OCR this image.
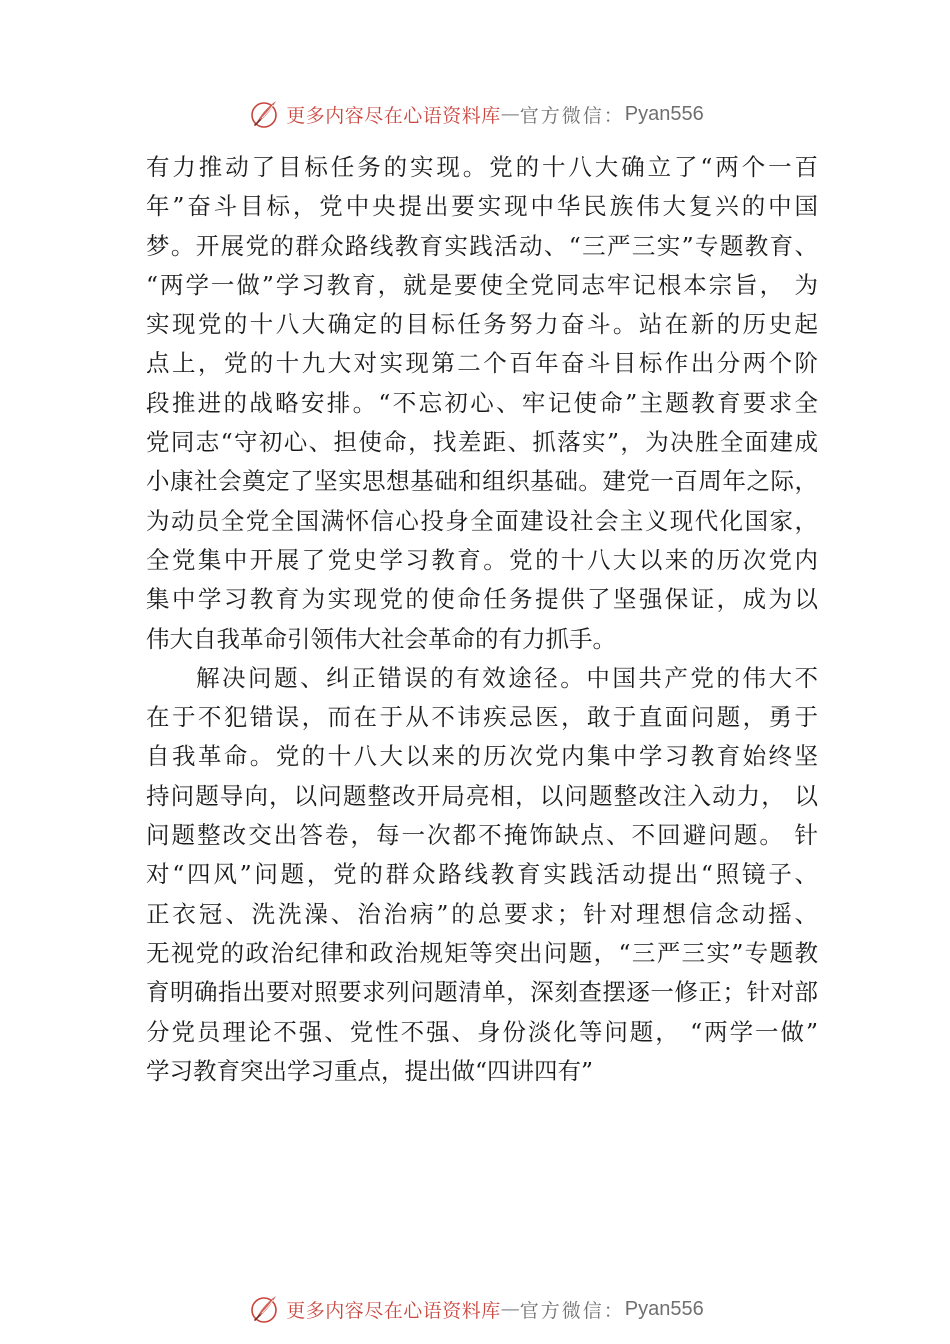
更多内容尽在心语资料库 — 官方微信： Pyan556
有力推动了目标任务的实现。党的十八大确立了“两个一百
年”奋斗目标，党中央提出要实现中华民族伟大复兴的中国
梦。开展党的群众路线教育实践活动、“三严三实”专题教育、
“两学一做”学习教育，就是要使全党同志牢记根本宗旨， 为
实现党的十八大确定的目标任务努力奋斗。站在新的历史起
点上，党的十九大对实现第二个百年奋斗目标作出分两个阶
段推进的战略安排。“不忘初心、牢记使命”主题教育要求全
党同志“守初心、担使命，找差距、抓落实”，为决胜全面建成
小康社会奠定了坚实思想基础和组织基础。建党一百周年之际，
为动员全党全国满怀信心投身全面建设社会主义现代化国家，
全党集中开展了党史学习教育。党的十八大以来的历次党内
集中学习教育为实现党的使命任务提供了坚强保证，成为以
伟大自我革命引领伟大社会革命的有力抓手。
解决问题、纠正错误的有效途径。中国共产党的伟大不
在于不犯错误，而在于从不讳疾忌医，敢于直面问题，勇于
自我革命。党的十八大以来的历次党内集中学习教育始终坚
持问题导向，以问题整改开局亮相，以问题整改注入动力， 以
问题整改交出答卷，每一次都不掩饰缺点、不回避问题。 针
对“四风”问题，党的群众路线教育实践活动提出“照镜子、
正衣冠、洗洗澡、治治病”的总要求；针对理想信念动摇、
无视党的政治纪律和政治规矩等突出问题，“三严三实”专题教
育明确指出要对照要求列问题清单，深刻查摆逐一修正；针对部
分党员理论不强、党性不强、身份淡化等问题， “两学一做”
学习教育突出学习重点，提出做“四讲四有”
更多内容尽在心语资料库 — 官方微信： Pyan556
